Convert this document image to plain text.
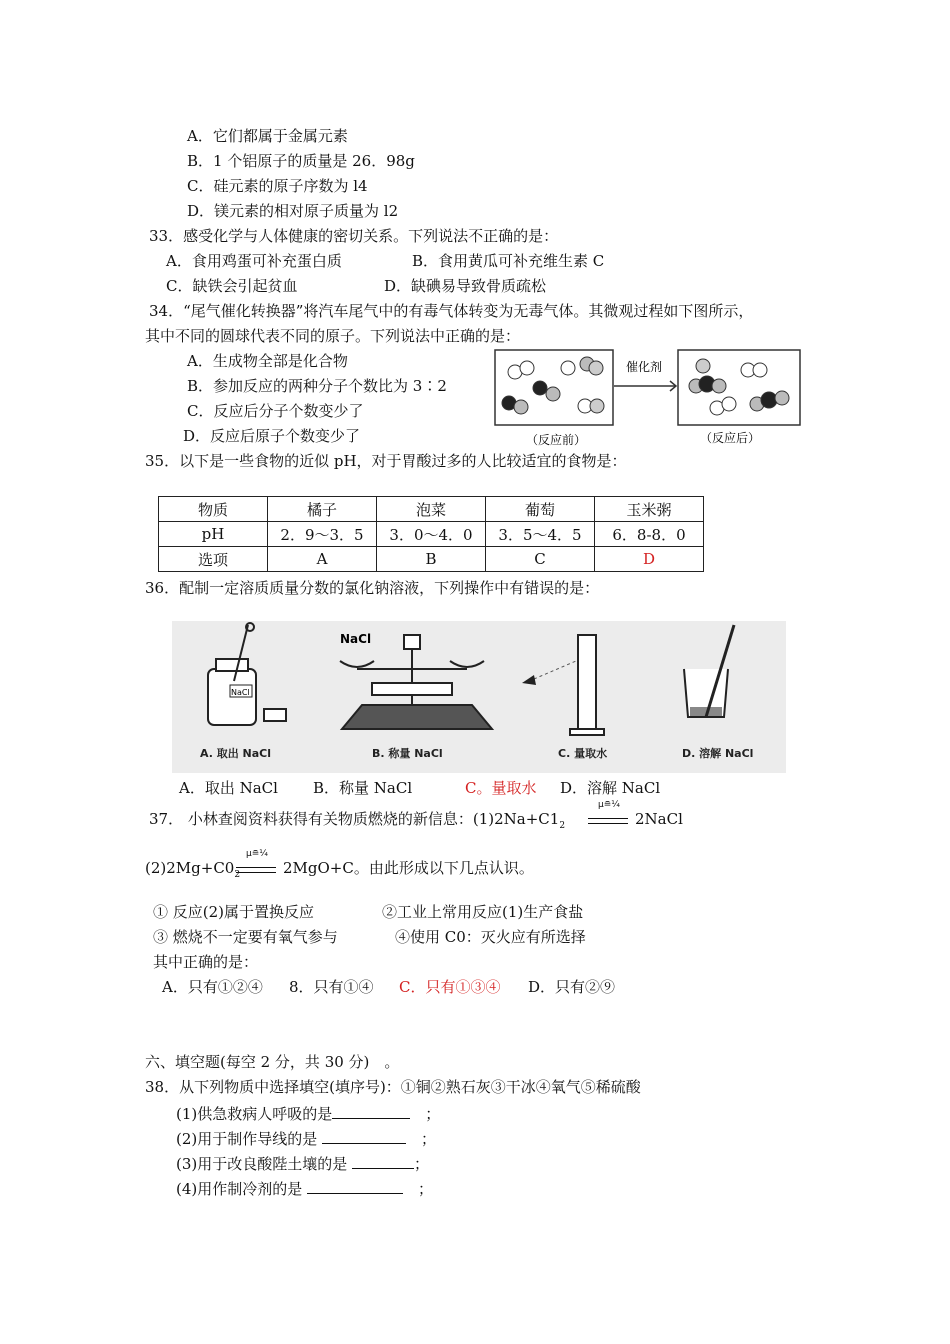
A．它们都属于金属元素
B．1 个铝原子的质量是 26．98g
C．硅元素的原子序数为 l4
D．镁元素的相对原子质量为 l2
33．感受化学与人体健康的密切关系。下列说法不正确的是：
A．食用鸡蛋可补充蛋白质	B．食用黄瓜可补充维生素 C
C．缺铁会引起贫血	D．缺碘易导致骨质疏松
34．“尾气催化转换器”将汽车尾气中的有毒气体转变为无毒气体。其微观过程如下图所示，
其中不同的圆球代表不同的原子。下列说法中正确的是：
A．生成物全部是化合物
B．参加反应的两种分子个数比为 3∶2
C．反应后分子个数变少了
D．反应后原子个数变少了
催化剂
（反应前）	（反应后）
35．以下是一些食物的近似 pH，对于胃酸过多的人比较适宜的食物是：
物质	橘子	泡菜	葡萄	玉米粥
pH	2．9～3．5	3．0～4．0	3．5～4．5	6．8-8．0
选项	A	B	C	D
36．配制一定溶质质量分数的氯化钠溶液，下列操作中有错误的是：
NaCl
NaCl
A. 取出 NaCl	B. 称量 NaCl	C. 量取水	D. 溶解 NaCl
A．取出 NaCl B．称量 NaCl	C。量取水 D．溶解 NaCl
37． 小林查阅资料获得有关物质燃烧的新信息：$(1)2Na+C1_2$
μ≘¼
2NaCl
$(2)2Mg+C0_2$
μ≘¼
2MgO+C。由此形成以下几点认识。
① 反应(2)属于置换反应	②工业上常用反应(1)生产食盐
③ 燃烧不一定要有氧气参与	④使用 C0：灭火应有所选择
其中正确的是：
A．只有①②④ 8．只有①④ C．只有①③④ D．只有②⑨
六、填空题(每空 2 分，共 30 分)　。
38．从下列物质中选择填空(填序号)：①铜②熟石灰③干冰④氧气⑤稀硫酸
(1)供急救病人呼吸的是　	；
(2)用于制作导线的是 　	；
(3)用于改良酸陛土壤的是	；
(4)用作制冷剂的是 　	；
